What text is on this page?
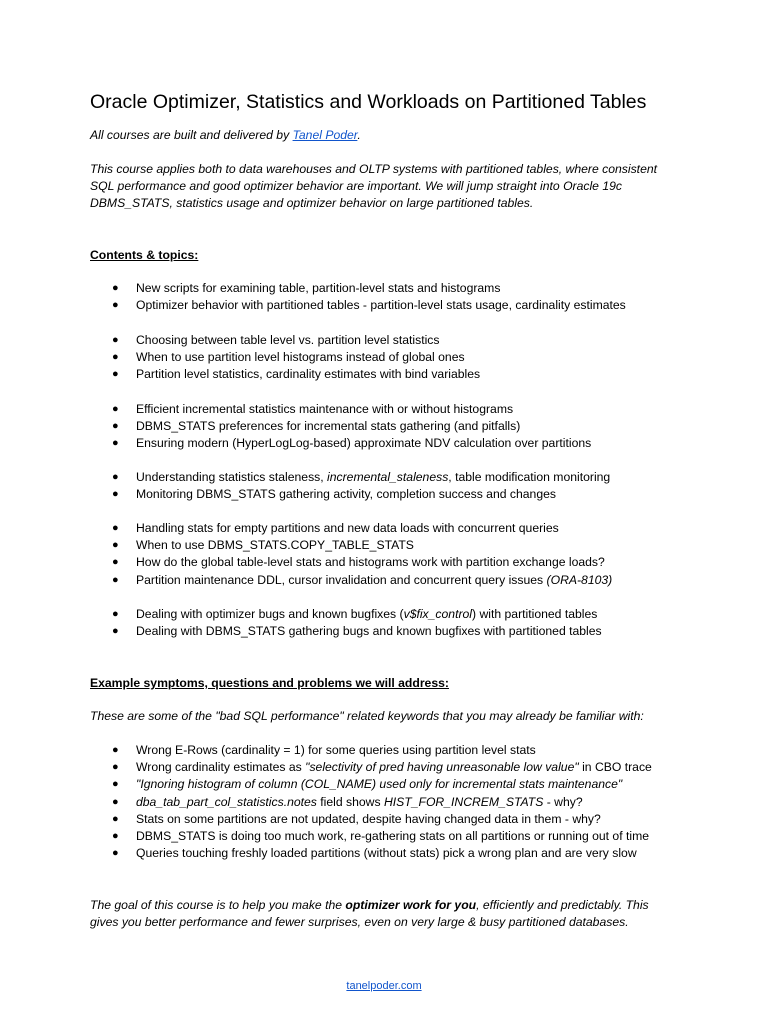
Oracle Optimizer, Statistics and Workloads on Partitioned Tables

All courses are built and delivered by Tanel Poder.

This course applies both to data warehouses and OLTP systems with partitioned tables, where consistent

SQL performance and good optimizer behavior are important. We will jump straight into Oracle 19c

DBMS_STATS, statistics usage and optimizer behavior on large partitioned tables.

Contents & topics:

● New scripts for examining table, partition-level stats and histograms
● Optimizer behavior with partitioned tables - partition-level stats usage, cardinality estimates
● Choosing between table level vs. partition level statistics
● When to use partition level histograms instead of global ones
● Partition level statistics, cardinality estimates with bind variables
● Efficient incremental statistics maintenance with or without histograms
● DBMS_STATS preferences for incremental stats gathering (and pitfalls)
● Ensuring modern (HyperLogLog-based) approximate NDV calculation over partitions
● Understanding statistics staleness, incremental_staleness, table modification monitoring
● Monitoring DBMS_STATS gathering activity, completion success and changes
● Handling stats for empty partitions and new data loads with concurrent queries
● When to use DBMS_STATS.COPY_TABLE_STATS
● How do the global table-level stats and histograms work with partition exchange loads?
● Partition maintenance DDL, cursor invalidation and concurrent query issues (ORA-8103)
● Dealing with optimizer bugs and known bugfixes (v$fix_control) with partitioned tables
● Dealing with DBMS_STATS gathering bugs and known bugfixes with partitioned tables

Example symptoms, questions and problems we will address:

These are some of the "bad SQL performance" related keywords that you may already be familiar with:

● Wrong E-Rows (cardinality = 1) for some queries using partition level stats
● Wrong cardinality estimates as "selectivity of pred having unreasonable low value" in CBO trace
● "Ignoring histogram of column (COL_NAME) used only for incremental stats maintenance"
● dba_tab_part_col_statistics.notes field shows HIST_FOR_INCREM_STATS - why?
● Stats on some partitions are not updated, despite having changed data in them - why?
● DBMS_STATS is doing too much work, re-gathering stats on all partitions or running out of time
● Queries touching freshly loaded partitions (without stats) pick a wrong plan and are very slow

The goal of this course is to help you make the optimizer work for you, efficiently and predictably. This

gives you better performance and fewer surprises, even on very large & busy partitioned databases.

tanelpoder.com
